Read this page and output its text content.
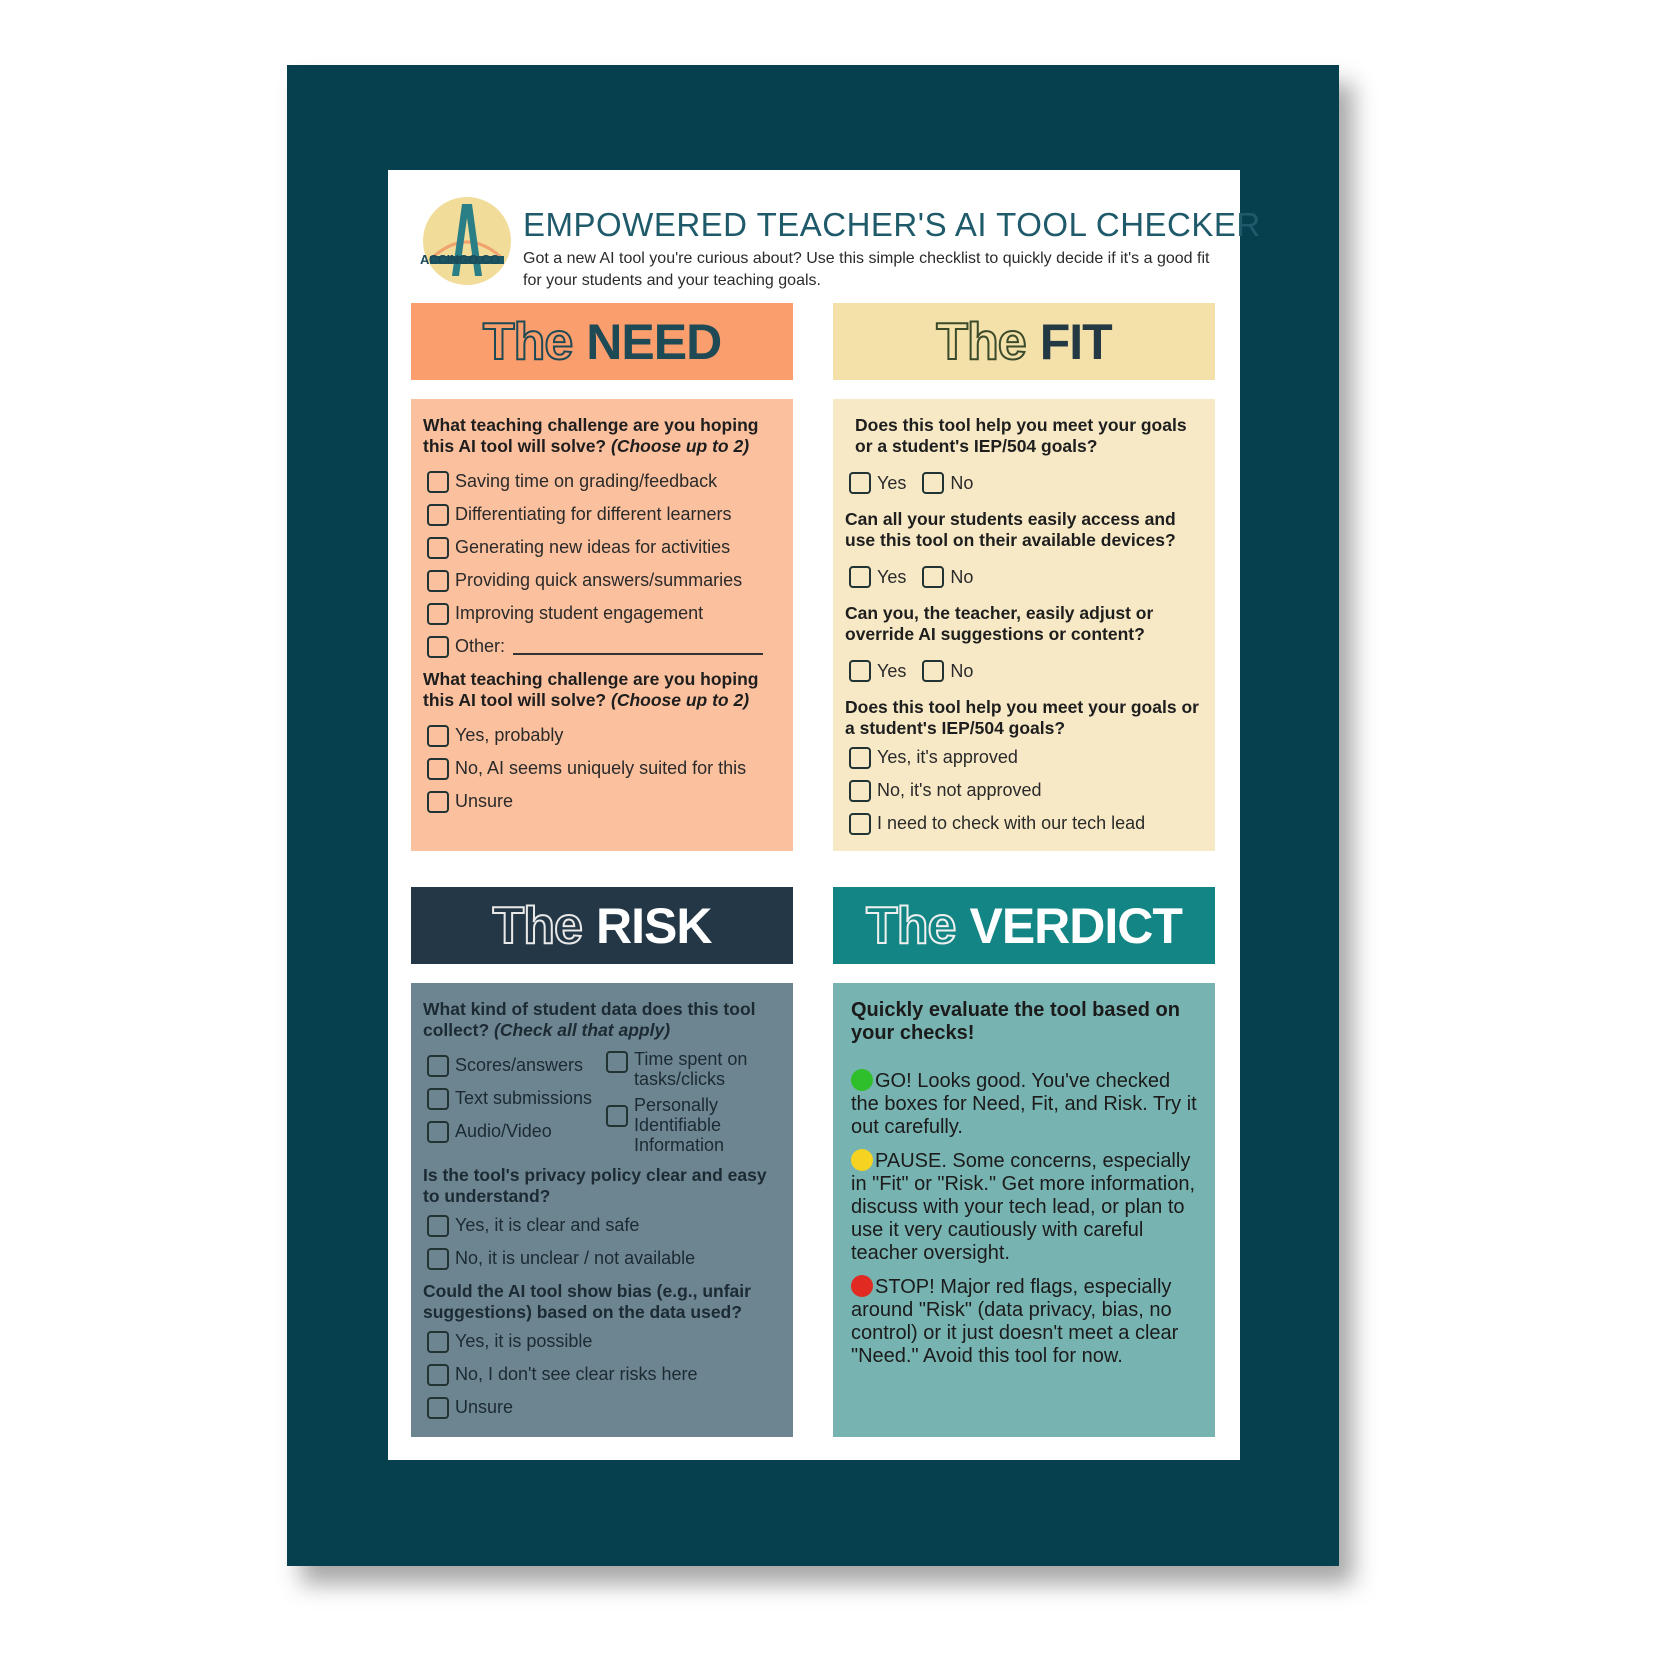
ACCINGO.CO
EMPOWERED TEACHER'S AI TOOL CHECKER
Got a new AI tool you're curious about? Use this simple checklist to quickly decide if it's a good fit for your students and your teaching goals.
The NEED
What teaching challenge are you hoping this AI tool will solve? (Choose up to 2)
Saving time on grading/feedback
Differentiating for different learners
Generating new ideas for activities
Providing quick answers/summaries
Improving student engagement
Other:
What teaching challenge are you hoping this AI tool will solve? (Choose up to 2)
Yes, probably
No, AI seems uniquely suited for this
Unsure
The FIT
Does this tool help you meet your goals or a student's IEP/504 goals?
Yes No
Can all your students easily access and use this tool on their available devices?
Yes No
Can you, the teacher, easily adjust or override AI suggestions or content?
Yes No
Does this tool help you meet your goals or a student's IEP/504 goals?
Yes, it's approved
No, it's not approved
I need to check with our tech lead
The RISK
What kind of student data does this tool collect? (Check all that apply)
Scores/answers
Text submissions
Audio/Video
Time spent on tasks/clicks
Personally Identifiable Information
Is the tool's privacy policy clear and easy to understand?
Yes, it is clear and safe
No, it is unclear / not available
Could the AI tool show bias (e.g., unfair suggestions) based on the data used?
Yes, it is possible
No, I don't see clear risks here
Unsure
The VERDICT

Quickly evaluate the tool based on your checks!

GO! Looks good. You've checked the boxes for Need, Fit, and Risk. Try it out carefully.

PAUSE. Some concerns, especially in "Fit" or "Risk." Get more information, discuss with your tech lead, or plan to use it very cautiously with careful teacher oversight.

STOP! Major red flags, especially around "Risk" (data privacy, bias, no control) or it just doesn't meet a clear "Need." Avoid this tool for now.
